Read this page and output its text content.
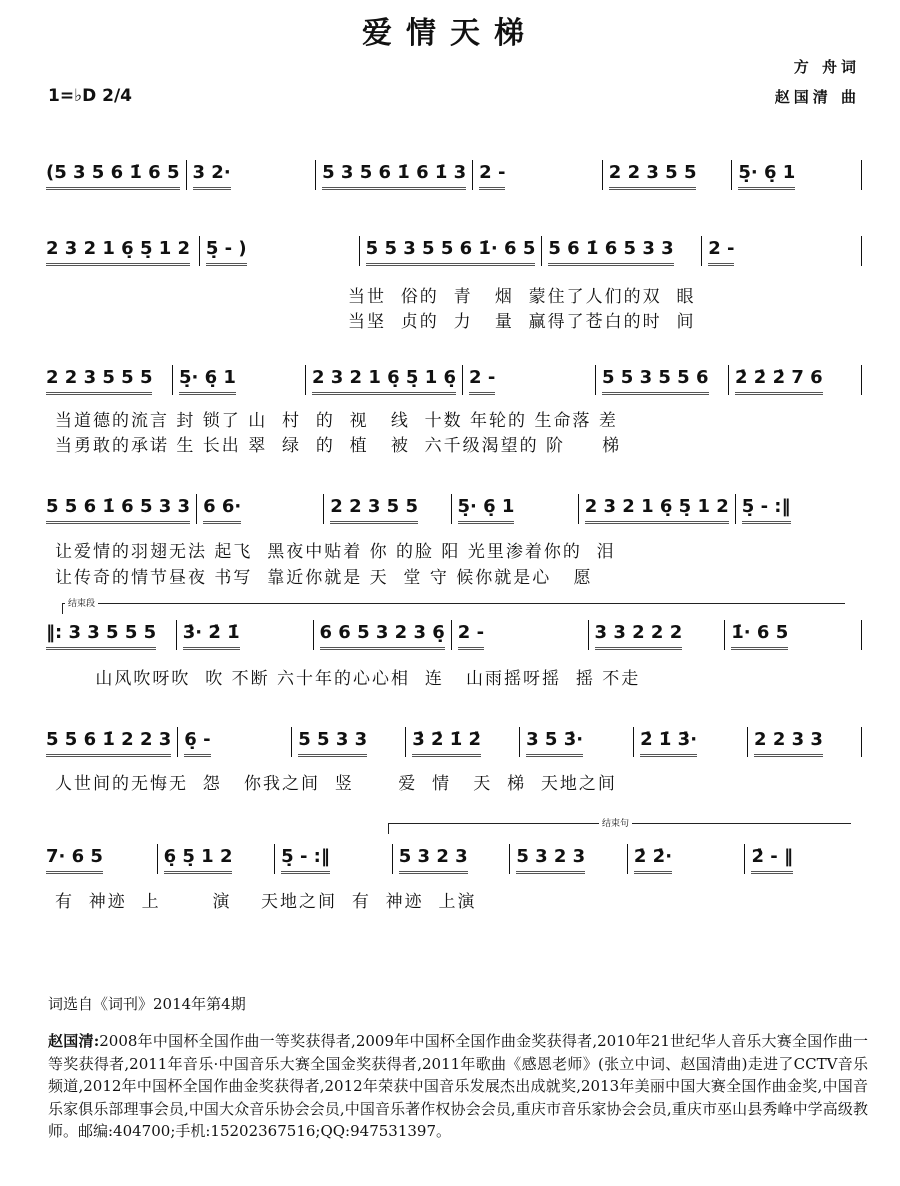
爱情天梯
方 舟词
赵国清 曲
1=♭D 2/4
(5 3 5 6 1̇ 6 5 3 2·	5 3 5 6 1̇ 6 1̇ 3 2 -	2 2 3 5 5 5̣· 6̣ 1
2 3 2 1 6̣ 5̣ 1 2 5̣ - )	5 5 3 5 5 6 1̇· 6 5 5 6 1̇ 6 5 3 3 2 -
当世  俗的  青   烟  蒙住了人们的双  眼
当坚  贞的  力   量  赢得了苍白的时  间
2 2 3 5 5 5 5̣· 6̣ 1	2 3 2 1 6̣ 5̣ 1 6̣ 2 -	5 5 3 5 5 6 2̇ 2̇ 2̇ 7 6
当道德的流言 封 锁了 山  村  的  视   线  十数 年轮的 生命落 差
当勇敢的承诺 生 长出 翠  绿  的  植   被  六千级渴望的 阶     梯
5 5 6 1̇ 6 5 3 3 6 6·	2 2 3 5 5 5̣· 6̣ 1	2 3 2 1 6̣ 5̣ 1 2 5̣ - :‖
让爱情的羽翅无法 起飞  黑夜中贴着 你 的脸 阳 光里渗着你的  泪
让传奇的情节昼夜 书写  靠近你就是 天  堂 守 候你就是心   愿
‖: 3 3 5 5 5 3̇· 2̇ 1̇	6 6 5 3 2 3 6̣ 2 -	3 3 2 2 2	1̇· 6 5
山风吹呀吹  吹 不断 六十年的心心相  连   山雨摇呀摇  摇 不走
5 5 6 1̇ 2 2 3 6̣ -	5 5 3 3	3̇ 2̇ 1̇ 2̇	3 5 3̇·	2̇ 1̇ 3̇·	2 2 3 3
人世间的无悔无  怨   你我之间  竖      爱  情   天  梯  天地之间
7· 6 5	6̣ 5̣ 1 2	5̣ - :‖	5 3 2 3	5 3 2 3	2̇ 2̇·	2̇ - ‖
有  神迹  上       演    天地之间  有  神迹  上演
结束段
结束句
词选自《词刊》2014年第4期
赵国清:2008年中国杯全国作曲一等奖获得者,2009年中国杯全国作曲金奖获得者,2010年21世纪华人音乐大赛全国作曲一等奖获得者,2011年音乐·中国音乐大赛全国金奖获得者,2011年歌曲《感恩老师》(张立中词、赵国清曲)走进了CCTV音乐频道,2012年中国杯全国作曲金奖获得者,2012年荣获中国音乐发展杰出成就奖,2013年美丽中国大赛全国作曲金奖,中国音乐家俱乐部理事会员,中国大众音乐协会会员,中国音乐著作权协会会员,重庆市音乐家协会会员,重庆市巫山县秀峰中学高级教师。邮编:404700;手机:15202367516;QQ:947531397。
